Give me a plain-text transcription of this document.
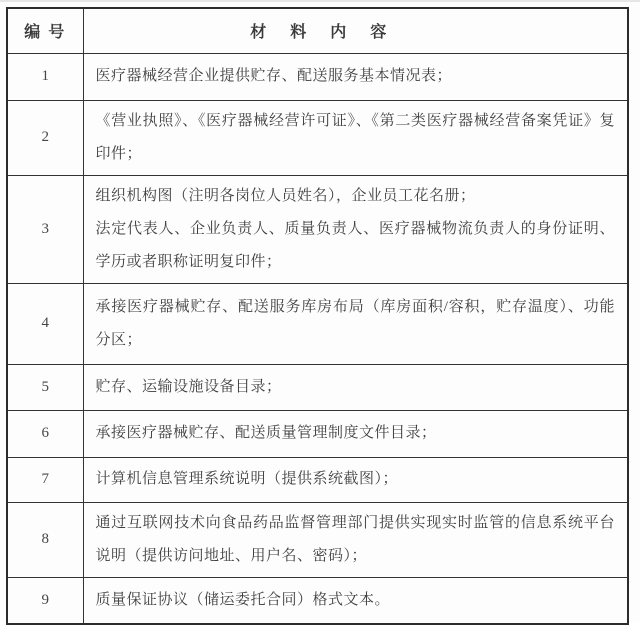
编 号	材　料　内　容
1	医疗器械经营企业提供贮存、配送服务基本情况表；

2	《营业执照》、《医疗器械经营许可证》、《第二类医疗器械经营备案凭证》复印件；

3	组织机构图（注明各岗位人员姓名），企业员工花名册；

法定代表人、企业负责人、质量负责人、医疗器械物流负责人的身份证明、学历或者职称证明复印件；

4	承接医疗器械贮存、配送服务库房布局（库房面积/容积，贮存温度）、功能分区；

5	贮存、运输设施设备目录；

6	承接医疗器械贮存、配送质量管理制度文件目录；

7	计算机信息管理系统说明（提供系统截图）；

8	通过互联网技术向食品药品监督管理部门提供实现实时监管的信息系统平台说明（提供访问地址、用户名、密码）；

9	质量保证协议（储运委托合同）格式文本。
